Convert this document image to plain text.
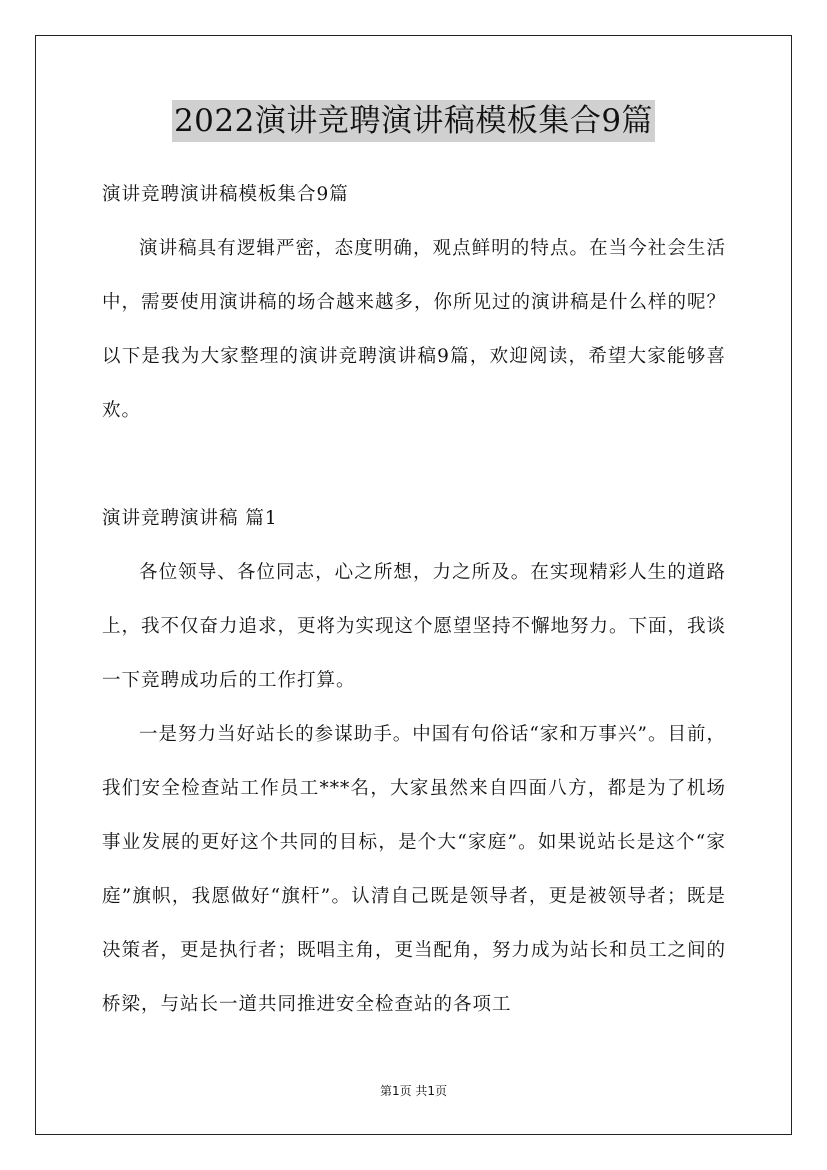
2022演讲竞聘演讲稿模板集合9篇

演讲竞聘演讲稿模板集合9篇

演讲稿具有逻辑严密，态度明确，观点鲜明的特点。在当今社会生活中，需要使用演讲稿的场合越来越多，你所见过的演讲稿是什么样的呢？以下是我为大家整理的演讲竞聘演讲稿9篇，欢迎阅读，希望大家能够喜欢。

演讲竞聘演讲稿 篇1

各位领导、各位同志，心之所想，力之所及。在实现精彩人生的道路上，我不仅奋力追求，更将为实现这个愿望坚持不懈地努力。下面，我谈一下竞聘成功后的工作打算。

一是努力当好站长的参谋助手。中国有句俗话“家和万事兴”。目前，我们安全检查站工作员工***名，大家虽然来自四面八方，都是为了机场事业发展的更好这个共同的目标，是个大“家庭”。如果说站长是这个“家庭”旗帜，我愿做好“旗杆”。认清自己既是领导者，更是被领导者；既是决策者，更是执行者；既唱主角，更当配角，努力成为站长和员工之间的桥梁，与站长一道共同推进安全检查站的各项工

第1页 共1页
